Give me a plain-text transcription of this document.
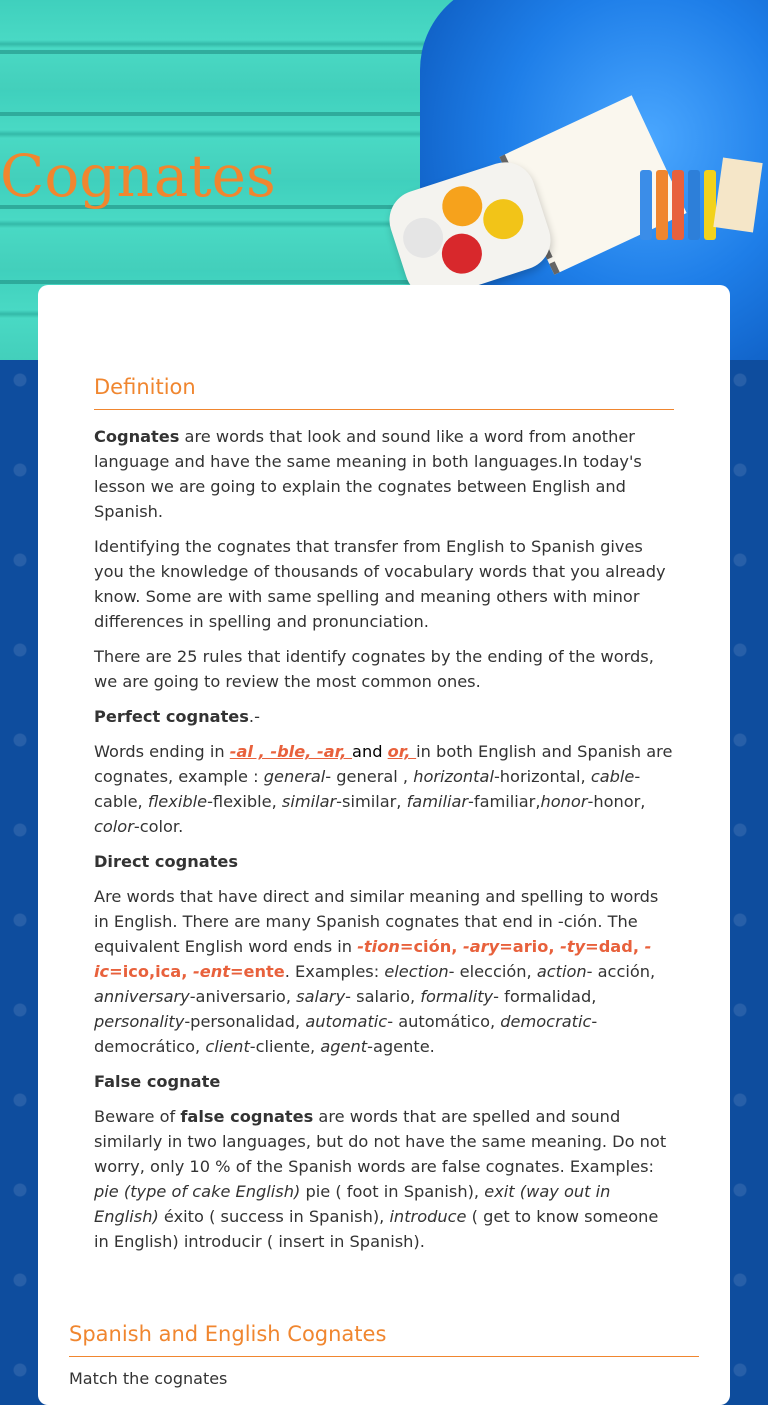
Cognates
Definition

Cognates are words that look and sound like a word from another language and have the same meaning in both languages.In today's lesson we are going to explain the cognates between English and Spanish.

Identifying the cognates that transfer from English to Spanish gives you the knowledge of thousands of vocabulary words that you already know. Some are with same spelling and meaning others with minor differences in spelling and pronunciation.

There are 25 rules that identify cognates by the ending of the words, we are going to review the most common ones.

Perfect cognates.-

Words ending in -al , -ble, -ar, and or, in both English and Spanish are cognates, example : general- general , horizontal-horizontal, cable-cable, flexible-flexible, similar-similar, familiar-familiar,honor-honor, color-color.

Direct cognates

Are words that have direct and similar meaning and spelling to words in English. There are many Spanish cognates that end in -ción. The equivalent English word ends in -tion=ción, -ary=ario, -ty=dad, -ic=ico,ica, -ent=ente. Examples: election- elección, action- acción, anniversary-aniversario, salary- salario, formality- formalidad, personality-personalidad, automatic- automático, democratic-democrático, client-cliente, agent-agente.

False cognate

Beware of false cognates are words that are spelled and sound similarly in two languages, but do not have the same meaning. Do not worry, only 10 % of the Spanish words are false cognates. Examples: pie (type of cake English) pie ( foot in Spanish), exit (way out in English) éxito ( success in Spanish), introduce ( get to know someone in English) introducir ( insert in Spanish).

Spanish and English Cognates
Match the cognates
